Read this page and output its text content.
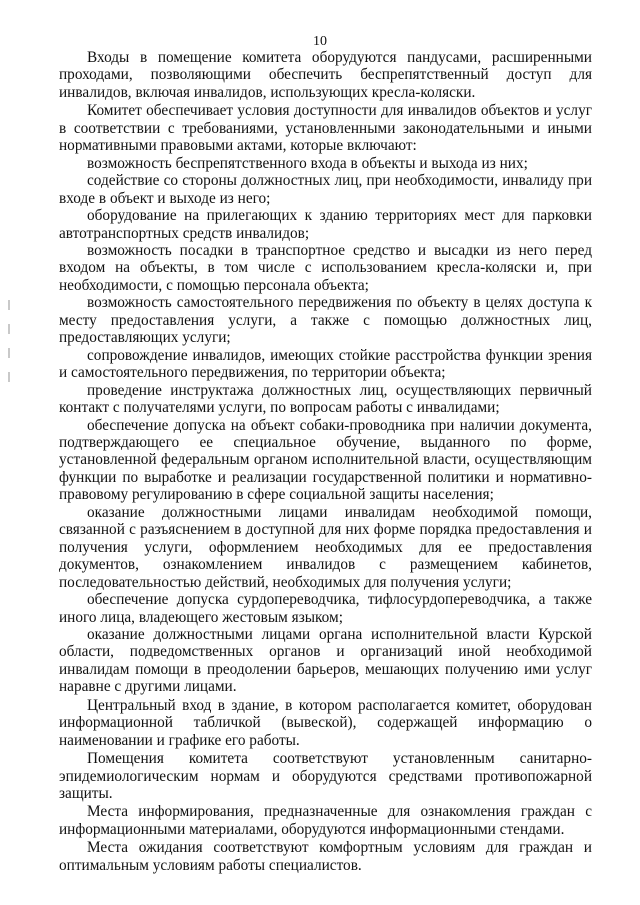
10

Входы в помещение комитета оборудуются пандусами, расширенными проходами, позволяющими обеспечить беспрепятственный доступ для инвалидов, включая инвалидов, использующих кресла-коляски.

Комитет обеспечивает условия доступности для инвалидов объектов и услуг в соответствии с требованиями, установленными законодательными и иными нормативными правовыми актами, которые включают:

возможность беспрепятственного входа в объекты и выхода из них;

содействие со стороны должностных лиц, при необходимости, инвалиду при входе в объект и выходе из него;

оборудование на прилегающих к зданию территориях мест для парковки автотранспортных средств инвалидов;

возможность посадки в транспортное средство и высадки из него перед входом на объекты, в том числе с использованием кресла-коляски и, при необходимости, с помощью персонала объекта;

возможность самостоятельного передвижения по объекту в целях доступа к месту предоставления услуги, а также с помощью должностных лиц, предоставляющих услуги;

сопровождение инвалидов, имеющих стойкие расстройства функции зрения и самостоятельного передвижения, по территории объекта;

проведение инструктажа должностных лиц, осуществляющих первичный контакт с получателями услуги, по вопросам работы с инвалидами;

обеспечение допуска на объект собаки-проводника при наличии документа, подтверждающего ее специальное обучение, выданного по форме, установленной федеральным органом исполнительной власти, осуществляющим функции по выработке и реализации государственной политики и нормативно-правовому регулированию в сфере социальной защиты населения;

оказание должностными лицами инвалидам необходимой помощи, связанной с разъяснением в доступной для них форме порядка предоставления и получения услуги, оформлением необходимых для ее предоставления документов, ознакомлением инвалидов с размещением кабинетов, последовательностью действий, необходимых для получения услуги;

обеспечение допуска сурдопереводчика, тифлосурдопереводчика, а также иного лица, владеющего жестовым языком;

оказание должностными лицами органа исполнительной власти Курской области, подведомственных органов и организаций иной необходимой инвалидам помощи в преодолении барьеров, мешающих получению ими услуг наравне с другими лицами.

Центральный вход в здание, в котором располагается комитет, оборудован информационной табличкой (вывеской), содержащей информацию о наименовании и графике его работы.

Помещения комитета соответствуют установленным санитарно-эпидемиологическим нормам и оборудуются средствами противопожарной защиты.

Места информирования, предназначенные для ознакомления граждан с информационными материалами, оборудуются информационными стендами.

Места ожидания соответствуют комфортным условиям для граждан и оптимальным условиям работы специалистов.
